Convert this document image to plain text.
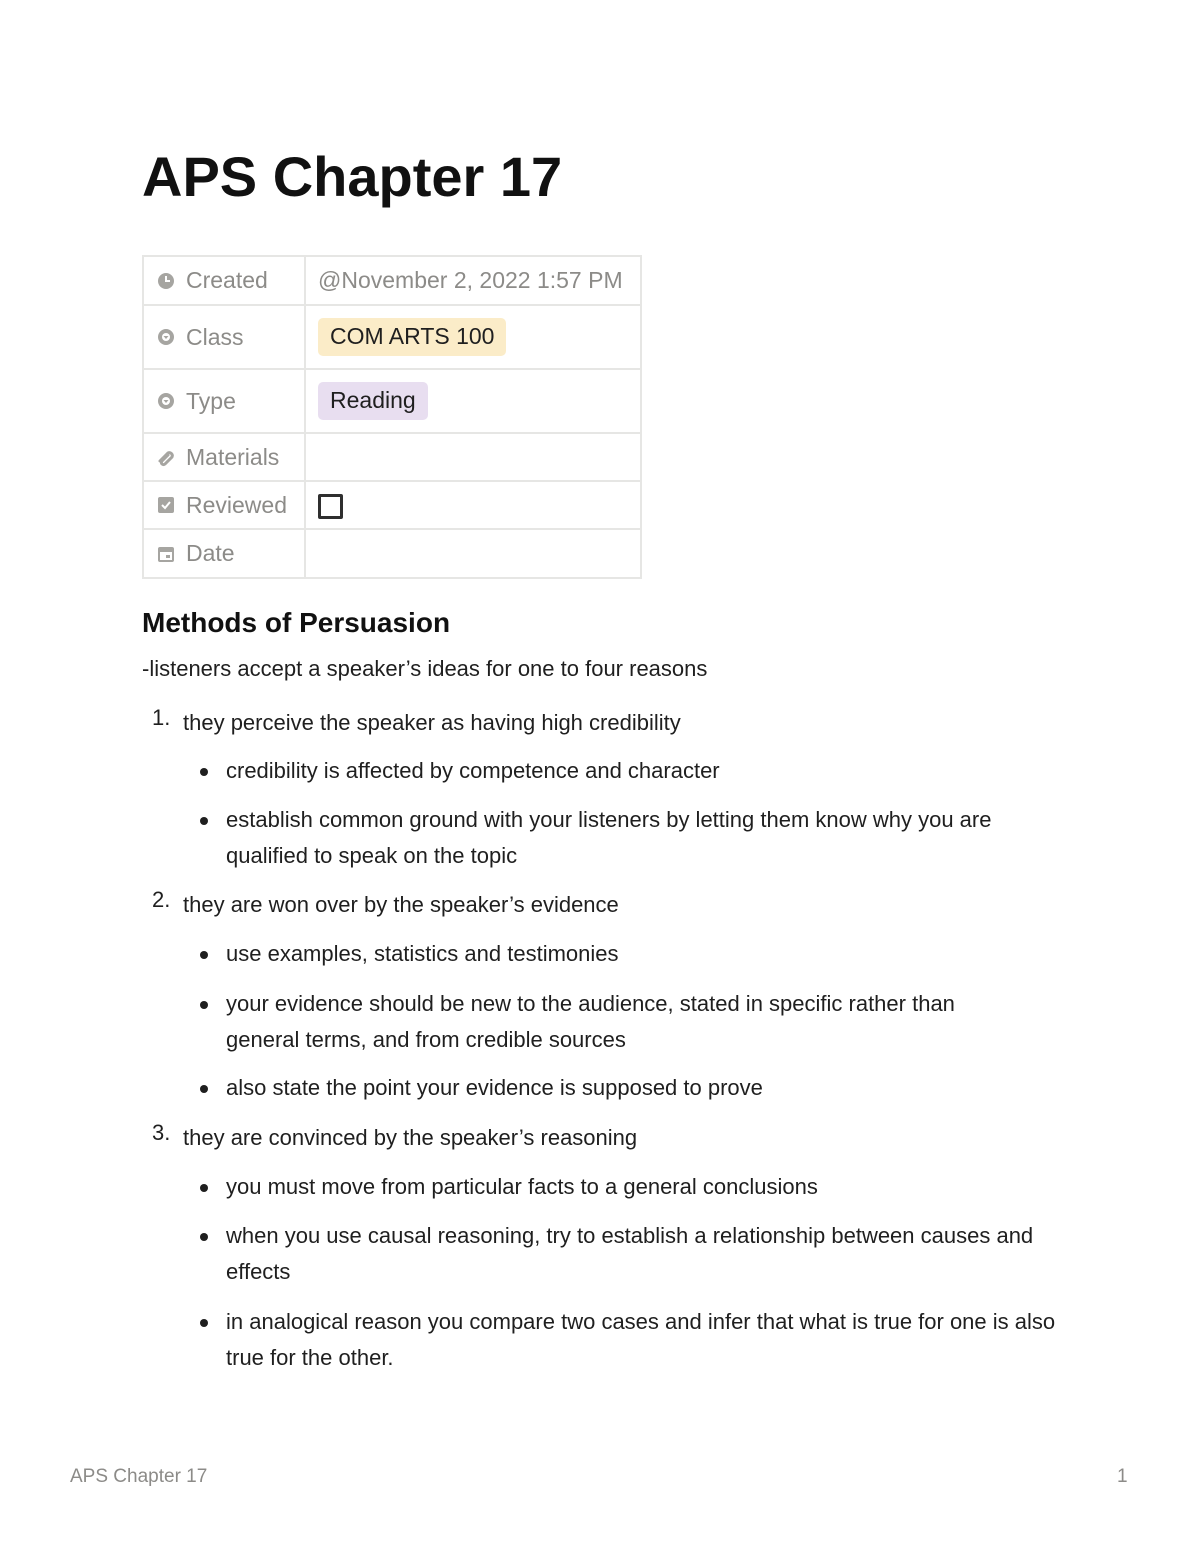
APS Chapter 17
Created	@November 2, 2022 1:57 PM

Class	COM ARTS 100

Type	Reading

Materials	

Reviewed	

Date	

Methods of Persuasion

-listeners accept a speaker’s ideas for one to four reasons

1. they perceive the speaker as having high credibility
credibility is affected by competence and character
establish common ground with your listeners by letting them know why you are qualified to speak on the topic
2. they are won over by the speaker’s evidence
use examples, statistics and testimonies
your evidence should be new to the audience, stated in specific rather than general terms, and from credible sources
also state the point your evidence is supposed to prove
3. they are convinced by the speaker’s reasoning
you must move from particular facts to a general conclusions
when you use causal reasoning, try to establish a relationship between causes and effects
in analogical reason you compare two cases and infer that what is true for one is also true for the other.
APS Chapter 17	1
